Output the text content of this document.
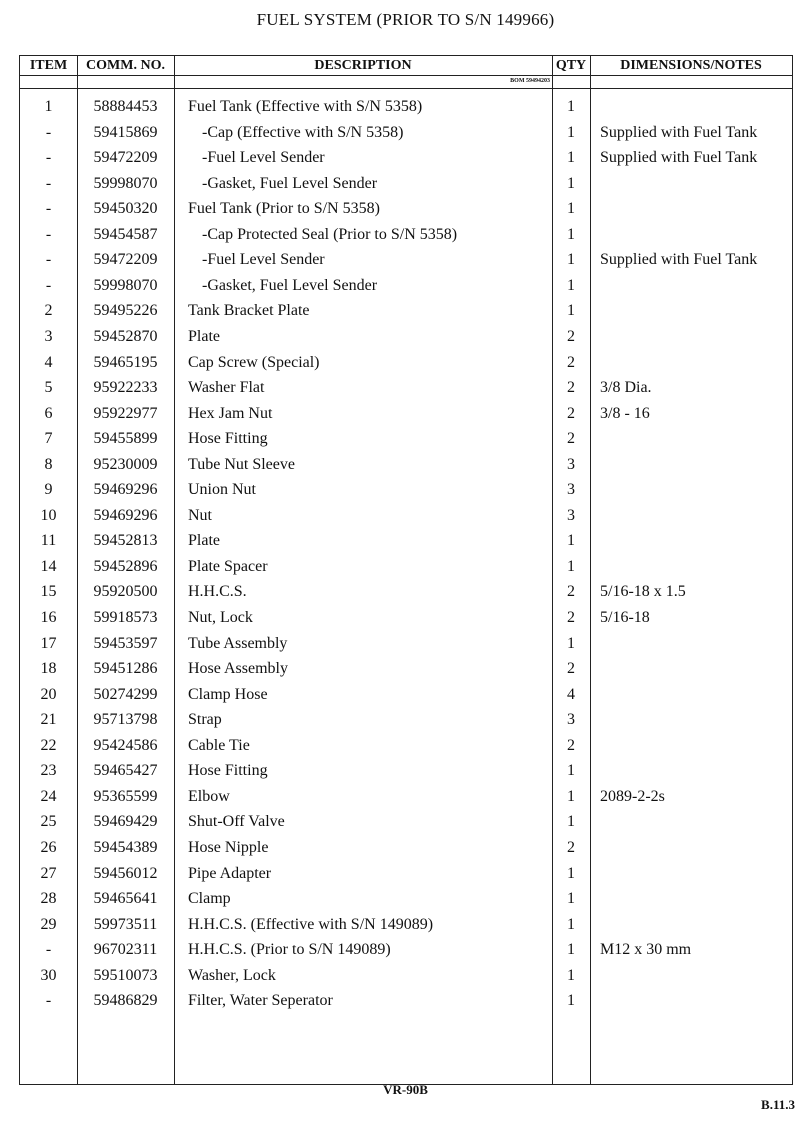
FUEL SYSTEM (PRIOR TO S/N 149966)
ITEM	COMM. NO.	DESCRIPTION	QTY	DIMENSIONS/NOTES
BOM 59494203
1	58884453	Fuel Tank (Effective with S/N 5358)	1
-	59415869	-Cap (Effective with S/N 5358)	1	Supplied with Fuel Tank
-	59472209	-Fuel Level Sender	1	Supplied with Fuel Tank
-	59998070	-Gasket, Fuel Level Sender	1
-	59450320	Fuel Tank (Prior to S/N 5358)	1
-	59454587	-Cap Protected Seal (Prior to S/N 5358)	1
-	59472209	-Fuel Level Sender	1	Supplied with Fuel Tank
-	59998070	-Gasket, Fuel Level Sender	1
2	59495226	Tank Bracket Plate	1
3	59452870	Plate	2
4	59465195	Cap Screw (Special)	2
5	95922233	Washer Flat	2	3/8 Dia.
6	95922977	Hex Jam Nut	2	3/8 - 16
7	59455899	Hose Fitting	2
8	95230009	Tube Nut Sleeve	3
9	59469296	Union Nut	3
10	59469296	Nut	3
11	59452813	Plate	1
14	59452896	Plate Spacer	1
15	95920500	H.H.C.S.	2	5/16-18 x 1.5
16	59918573	Nut, Lock	2	5/16-18
17	59453597	Tube Assembly	1
18	59451286	Hose Assembly	2
20	50274299	Clamp Hose	4
21	95713798	Strap	3
22	95424586	Cable Tie	2
23	59465427	Hose Fitting	1
24	95365599	Elbow	1	2089-2-2s
25	59469429	Shut-Off Valve	1
26	59454389	Hose Nipple	2
27	59456012	Pipe Adapter	1
28	59465641	Clamp	1
29	59973511	H.H.C.S. (Effective with S/N 149089)	1
-	96702311	H.H.C.S. (Prior to S/N 149089)	1	M12 x 30 mm
30	59510073	Washer, Lock	1
-	59486829	Filter, Water Seperator	1
VR-90B
B.11.3
